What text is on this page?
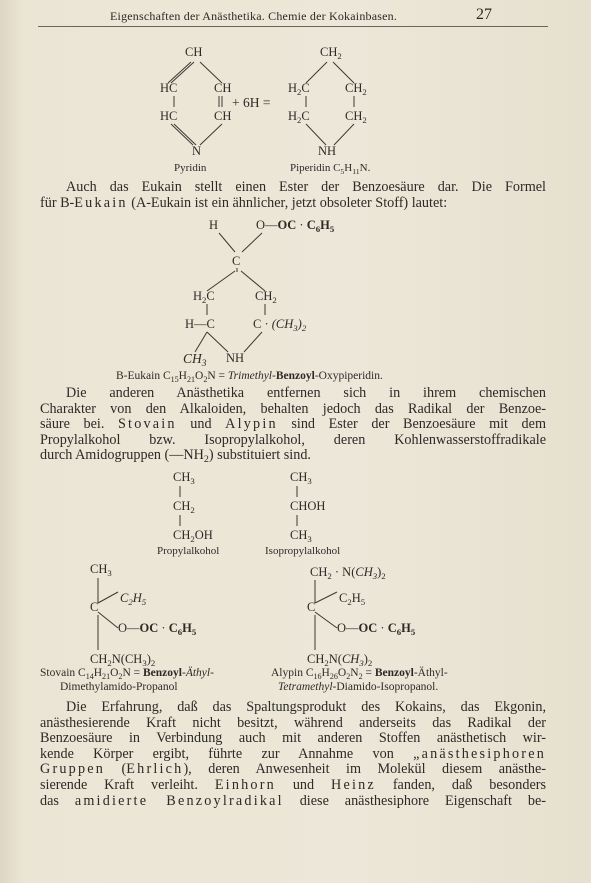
Eigenschaften der Anästhetika. Chemie der Kokainbasen.	27
CH
HC	CH
HC	CH
N
+ 6H =
Pyridin
$CH_2$
$H_2C$	$CH_2$
$H_2C$	$CH_2$
NH
Piperidin $C_5H_{11}N$.
Auch das Eukain stellt einen Ester der Benzoesäure dar. Die Formel
für B-Eukain (A-Eukain ist ein ähnlicher, jetzt obsoleter Stoff) lautet:
H	O—OC · $C_6H_5$
C
$H_2C$	$CH_2$
H—C	$C \cdot (CH_3)_2$
$CH_3$ NH
B-Eukain $C_{15}H_{21}O_2N$ = Trimethyl-Benzoyl-Oxypiperidin.
Die anderen Anästhetika entfernen sich in ihrem chemischen
Charakter von den Alkaloiden, behalten jedoch das Radikal der Benzoe-
säure bei. Stovain und Alypin sind Ester der Benzoesäure mit dem
Propylalkohol bzw. Isopropylalkohol, deren Kohlenwasserstoffradikale
durch Amidogruppen $(—NH_2)$ substituiert sind.
$CH_3$
$CH_2$
$CH_2OH$
Propylalkohol
$CH_3$
CHOH
$CH_3$
Isopropylalkohol
$CH_3$
$C_2H_5$
C
O—OC · $C_6H_5$
$CH_2N(CH_3)_2$
Stovain $C_{14}H_{21}O_2N$ = Benzoyl-Äthyl-
Dimethylamido-Propanol
$CH_2 \cdot N(CH_3)_2$
$C_2H_5$
C
O—OC · $C_6H_5$
$CH_2N(CH_3)_2$
Alypin $C_{16}H_{26}O_2N_2$ = Benzoyl-Äthyl-
Tetramethyl-Diamido-Isopropanol.
Die Erfahrung, daß das Spaltungsprodukt des Kokains, das Ekgonin,
anästhesierende Kraft nicht besitzt, während anderseits das Radikal der
Benzoesäure in Verbindung auch mit anderen Stoffen anästhetisch wir-
kende Körper ergibt, führte zur Annahme von „anästhesiphoren
Gruppen (Ehrlich), deren Anwesenheit im Molekül diesem anästhe-
sierende Kraft verleiht. Einhorn und Heinz fanden, daß besonders
das amidierte Benzoylradikal diese anästhesiphore Eigenschaft be-
